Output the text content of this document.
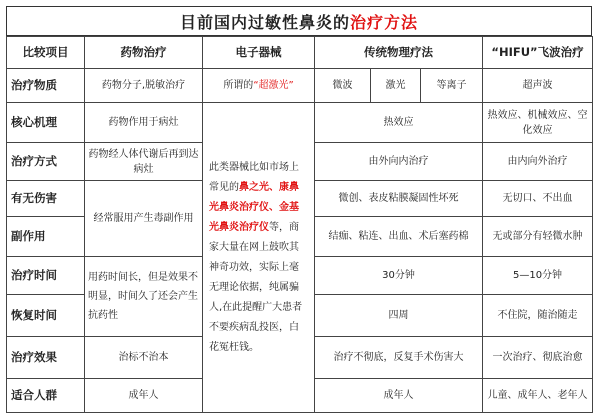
目前国内过敏性鼻炎的 治疗方法
比较项目	药物治疗	电子器械	传统物理疗法			“HIFU”飞波治疗
治疗物质	药物分子,脱敏治疗	所谓的“超激光”	微波	激光	等离子	超声波
核心机理	药物作用于病灶	此类器械比如市场上常见的鼻之光、康鼻光鼻炎治疗仪、金基光鼻炎治疗仪等，商家大量在网上鼓吹其神奇功效，实际上毫无理论依据，纯属骗人,在此提醒广大患者不要疾病乱投医，白花冤枉钱。	热效应			热效应、机械效应、空化效应
治疗方式	药物经人体代谢后再到达病灶		由外向内治疗			由内向外治疗
有无伤害	经常服用产生毒副作用		微创、表皮粘膜凝固性坏死			无切口、不出血
副作用			结痂、粘连、出血、术后塞药棉			无或部分有轻微水肿
治疗时间	用药时间长，但是效果不明显，时间久了还会产生抗药性		30分钟			5—10分钟
恢复时间			四周			不住院，随治随走
治疗效果	治标不治本		治疗不彻底，反复手术伤害大			一次治疗、彻底治愈
适合人群	成年人		成年人			儿童、成年人、老年人
